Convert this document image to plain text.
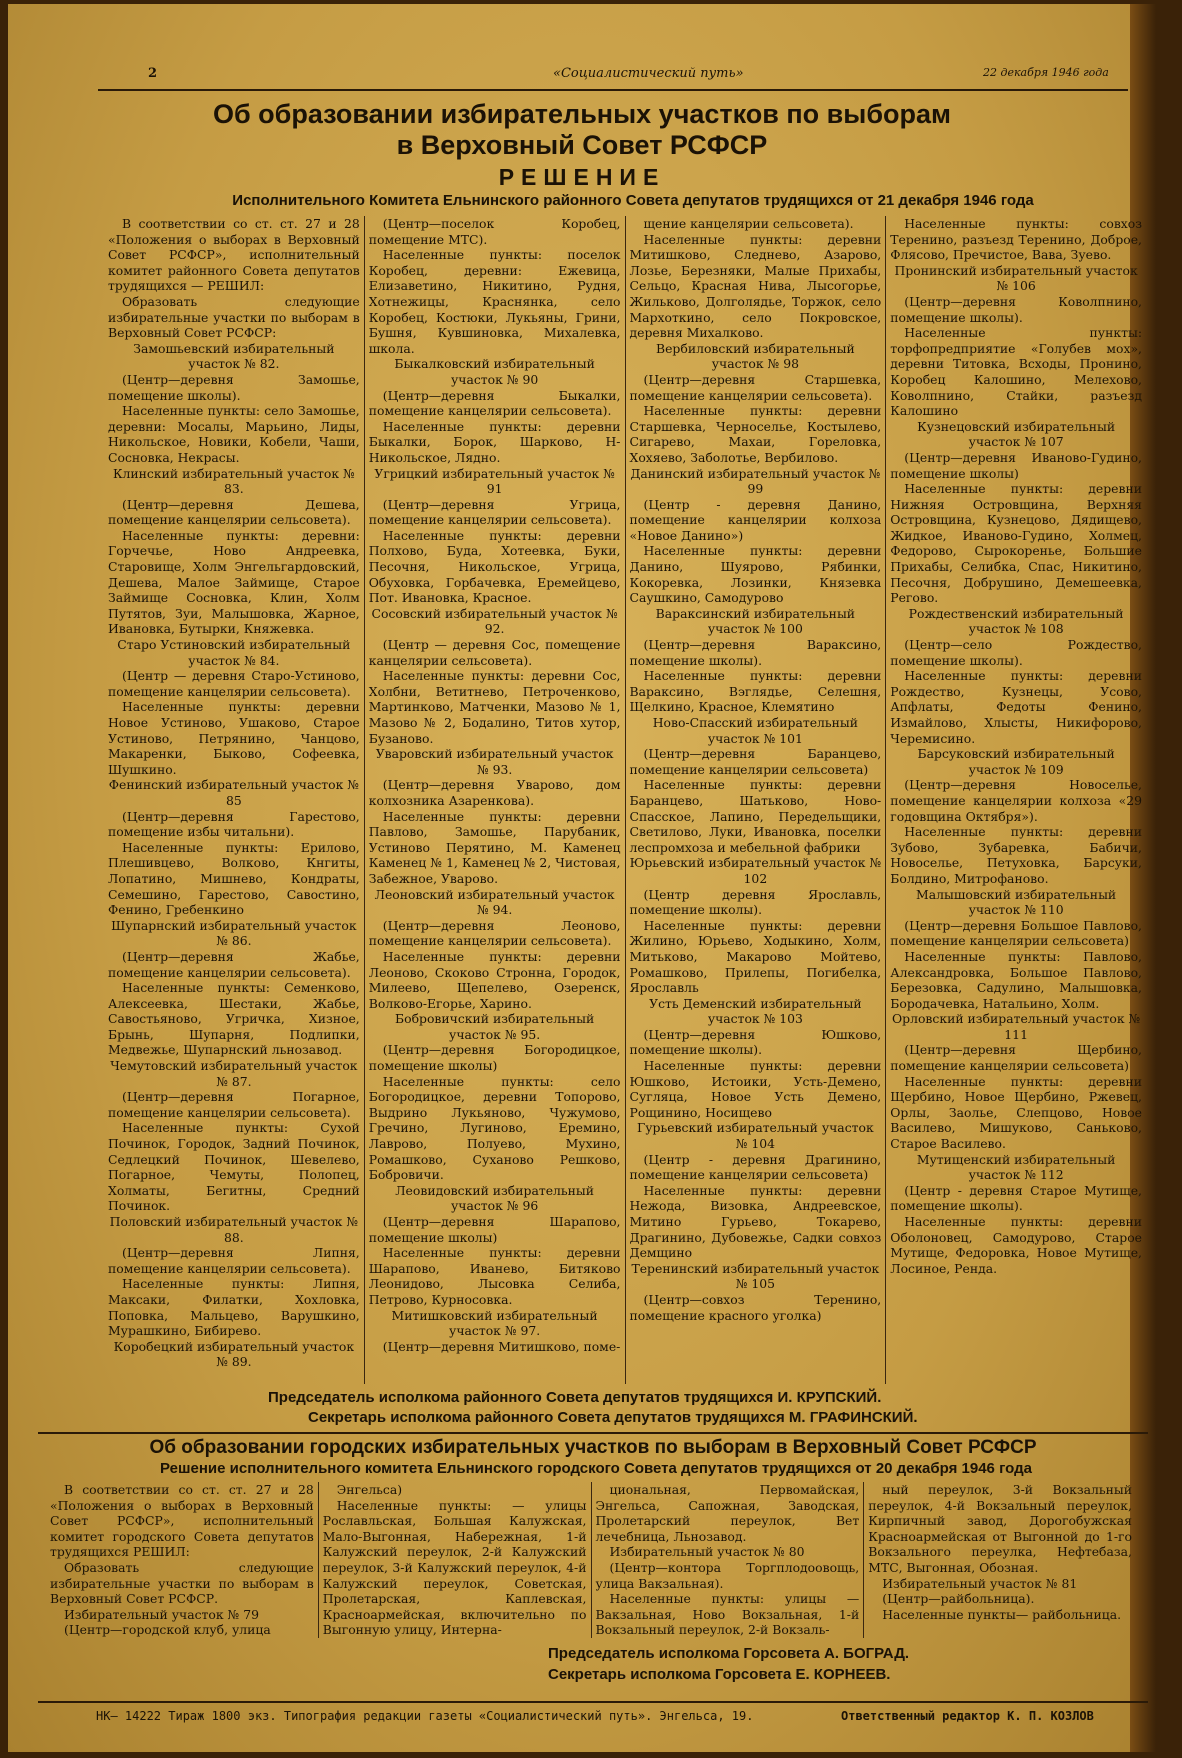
2	«Социалистический путь»	22 декабря 1946 года
Об образовании избирательных участков по выборам
в Верховный Совет РСФСР
РЕШЕНИЕ
Исполнительного Комитета Ельнинского районного Совета депутатов трудящихся от 21 декабря 1946 года

В соответствии со ст. ст. 27 и 28 «Положения о выборах в Верховный Совет РСФСР», исполнительный комитет районного Совета депутатов трудящихся — РЕШИЛ:

Образовать следующие избирательные участки по выборам в Верховный Совет РСФСР:

Замошьевский избирательный участок № 82.

(Центр—деревня Замошье, помещение школы).

Населенные пункты: село Замошье, деревни: Мосалы, Марьино, Лиды, Никольское, Новики, Кобели, Чаши, Сосновка, Некрасы.

Клинский избирательный участок № 83.

(Центр—деревня Дешева, помещение канцелярии сельсовета).

Населенные пункты: деревни: Горчечье, Ново Андреевка, Старовище, Холм Энгельгардовский, Дешева, Малое Займище, Старое Займище Сосновка, Клин, Холм Путятов, Зуи, Малышовка, Жарное, Ивановка, Бутырки, Княжевка.

Старо Устиновский избирательный участок № 84.

(Центр — деревня Старо-Устиново, помещение канцелярии сельсовета).

Населенные пункты: деревни Новое Устиново, Ушаково, Старое Устиново, Петрянино, Чанцово, Макаренки, Быково, Софеевка, Шушкино.

Фенинский избирательный участок № 85

(Центр—деревня Гарестово, помещение избы читальни).

Населенные пункты: Ерилово, Плешивцево, Волково, Кнгиты, Лопатино, Мишнево, Кондраты, Семешино, Гарестово, Савостино, Фенино, Гребенкино

Шупарнский избирательный участок № 86.

(Центр—деревня Жабье, помещение канцелярии сельсовета).

Населенные пункты: Семенково, Алексеевка, Шестаки, Жабье, Савостьяново, Угричка, Хизное, Брынь, Шупарня, Подлипки, Медвежье, Шупарнский льнозавод.

Чемутовский избирательный участок № 87.

(Центр—деревня Погарное, помещение канцелярии сельсовета).

Населенные пункты: Сухой Починок, Городок, Задний Починок, Седлецкий Починок, Шевелево, Погарное, Чемуты, Полопец, Холматы, Бегитны, Средний Починок.

Половский избирательный участок № 88.

(Центр—деревня Липня, помещение канцелярии сельсовета).

Населенные пункты: Липня, Максаки, Филатки, Хохловка, Поповка, Мальцево, Варушкино, Мурашкино, Бибирево.

Коробецкий избирательный участок № 89.

(Центр—поселок Коробец, помещение МТС).

Населенные пункты: поселок Коробец, деревни: Ежевица, Елизаветино, Никитино, Рудня, Хотнежицы, Краснянка, село Коробец, Костюки, Лукьяны, Грини, Бушня, Кувшиновка, Михалевка, школа.

Быкалковский избирательный участок № 90

(Центр—деревня Быкалки, помещение канцелярии сельсовета).

Населенные пункты: деревни Быкалки, Борок, Шарково, Н-Никольское, Лядно.

Угрицкий избирательный участок № 91

(Центр—деревня Угрица, помещение канцелярии сельсовета).

Населенные пункты: деревни Полхово, Буда, Хотеевка, Буки, Песочня, Никольское, Угрица, Обуховка, Горбачевка, Еремейцево, Пот. Ивановка, Красное.

Сосовский избирательный участок № 92.

(Центр — деревня Сос, помещение канцелярии сельсовета).

Населенные пункты: деревни Сос, Холбни, Ветитнево, Петроченково, Мартинково, Матченки, Мазово № 1, Мазово № 2, Бодалино, Титов хутор, Бузаново.

Уваровский избирательный участок № 93.

(Центр—деревня Уварово, дом колхозника Азаренкова).

Населенные пункты: деревни Павлово, Замошье, Парубаник, Устиново Перятино, М. Каменец Каменец № 1, Каменец № 2, Чистовая, Забежное, Уварово.

Леоновский избирательный участок № 94.

(Центр—деревня Леоново, помещение канцелярии сельсовета).

Населенные пункты: деревни Леоново, Скоково Стронна, Городок, Милеево, Щепелево, Озеренск, Волково-Егорье, Харино.

Бобровичский избирательный участок № 95.

(Центр—деревня Богородицкое, помещение школы)

Населенные пункты: село Богородицкое, деревни Топорово, Выдрино Лукьяново, Чужумово, Гречино, Лугиново, Еремино, Лаврово, Полуево, Мухино, Ромашково, Суханово Решково, Бобровичи.

Леовидовский избирательный участок № 96

(Центр—деревня Шарапово, помещение школы)

Населенные пункты: деревни Шарапово, Иванево, Битяково Леонидово, Лысовка Селиба, Петрово, Курносовка.

Митишковский избирательный участок № 97.

(Центр—деревня Митишково, поме-

щение канцелярии сельсовета).

Населенные пункты: деревни Митишково, Следнево, Азарово, Лозье, Березняки, Малые Прихабы, Сельцо, Красная Нива, Лысогорье, Жильково, Долголядье, Торжок, село Мархоткино, село Покровское, деревня Михалково.

Вербиловский избирательный участок № 98

(Центр—деревня Старшевка, помещение канцелярии сельсовета).

Населенные пункты: деревни Старшевка, Черноселье, Костылево, Сигарево, Махаи, Гореловка, Хохяево, Заболотье, Вербилово.

Данинский избирательный участок № 99

(Центр - деревня Данино, помещение канцелярии колхоза «Новое Данино»)

Населенные пункты: деревни Данино, Шуярово, Рябинки, Кокоревка, Лозинки, Князевка Саушкино, Самодурово

Вараксинский избирательный участок № 100

(Центр—деревня Вараксино, помещение школы).

Населенные пункты: деревни Вараксино, Вэглядье, Селешня, Щелкино, Красное, Клемятино

Ново-Спасский избирательный участок № 101

(Центр—деревня Баранцево, помещение канцелярии сельсовета)

Населенные пункты: деревни Баранцево, Шатьково, Ново-Спасское, Лапино, Передельщики, Светилово, Луки, Ивановка, поселки леспромхоза и мебельной фабрики

Юрьевский избирательный участок № 102

(Центр деревня Ярославль, помещение школы).

Населенные пункты: деревни Жилино, Юрьево, Ходыкино, Холм, Митьково, Макарово Мойтево, Ромашково, Прилепы, Погибелка, Ярославль

Усть Деменский избирательный участок № 103

(Центр—деревня Юшково, помещение школы).

Населенные пункты: деревни Юшково, Истоики, Усть-Демено, Сугляца, Новое Усть Демено, Рощинино, Носищево

Гурьевский избирательный участок № 104

(Центр - деревня Драгинино, помещение канцелярии сельсовета)

Населенные пункты: деревни Нежода, Визовка, Андреевское, Митино Гурьево, Токарево, Драгинино, Дубовежье, Садки совхоз Демщино

Теренинский избирательный участок № 105

(Центр—совхоз Теренино, помещение красного уголка)

Населенные пункты: совхоз Теренино, разъезд Теренино, Доброе, Флясово, Пречистое, Вава, Зуево.

Пронинский избирательный участок № 106

(Центр—деревня Коволпнино, помещение школы).

Населенные пункты: торфопредприятие «Голубев мох», деревни Титовка, Всходы, Пронино, Коробец Калошино, Мелехово, Коволпнино, Стайки, разъезд Калошино

Кузнецовский избирательный участок № 107

(Центр—деревня Иваново-Гудино, помещение школы)

Населенные пункты: деревни Нижняя Островщина, Верхняя Островщина, Кузнецово, Дядищево, Жидкое, Иваново-Гудино, Холмец, Федорово, Сырокоренье, Большие Прихабы, Селибка, Спас, Никитино, Песочня, Добрушино, Демешеевка, Регово.

Рождественский избирательный участок № 108

(Центр—село Рождество, помещение школы).

Населенные пункты: деревни Рождество, Кузнецы, Усово, Апфлаты, Федоты Фенино, Измайлово, Хлысты, Никифорово, Черемисино.

Барсуковский избирательный участок № 109

(Центр—деревня Новоселье, помещение канцелярии колхоза «29 годовщина Октября»).

Населенные пункты: деревни Зубово, Зубаревка, Бабичи, Новоселье, Петуховка, Барсуки, Болдино, Митрофаново.

Малышовский избирательный участок № 110

(Центр—деревня Большое Павлово, помещение канцелярии сельсовета)

Населенные пункты: Павлово, Александровка, Большое Павлово, Березовка, Садулино, Малышовка, Бородачевка, Натальино, Холм.

Орловский избирательный участок № 111

(Центр—деревня Щербино, помещение канцелярии сельсовета)

Населенные пункты: деревни Щербино, Новое Щербино, Ржевец, Орлы, Заолье, Слепцово, Новое Василево, Мишуково, Саньково, Старое Василево.

Мутищенский избирательный участок № 112

(Центр - деревня Старое Мутище, помещение школы).

Населенные пункты: деревни Оболоновец, Самодурово, Старое Мутище, Федоровка, Новое Мутище, Лосиное, Ренда.

Председатель исполкома районного Совета депутатов трудящихся И. КРУПСКИЙ.
Секретарь исполкома районного Совета депутатов трудящихся М. ГРАФИНСКИЙ.
Об образовании городских избирательных участков по выборам в Верховный Совет РСФСР
Решение исполнительного комитета Ельнинского городского Совета депутатов трудящихся от 20 декабря 1946 года

В соответствии со ст. ст. 27 и 28 «Положения о выборах в Верховный Совет РСФСР», исполнительный комитет городского Совета депутатов трудящихся РЕШИЛ:

Образовать следующие избирательные участки по выборам в Верховный Совет РСФСР.

Избирательный участок № 79

(Центр—городской клуб, улица

Энгельса)

Населенные пункты: — улицы Рославльская, Большая Калужская, Мало-Выгонная, Набережная, 1-й Калужский переулок, 2-й Калужский переулок, 3-й Калужский переулок, 4-й Калужский переулок, Советская, Пролетарская, Каплевская, Красноармейская, включительно по Выгонную улицу, Интерна-

циональная, Первомайская, Энгельса, Сапожная, Заводская, Пролетарский переулок, Вет лечебница, Льнозавод.

Избирательный участок № 80

(Центр—контора Торгплодоовощь, улица Вакзальная).

Населенные пункты: улицы — Вакзальная, Ново Вокзальная, 1-й Вокзальный переулок, 2-й Вокзаль-

ный переулок, 3-й Вокзальный переулок, 4-й Вокзальный переулок, Кирпичный завод, Дорогобужская Красноармейская от Выгонной до 1-го Вокзального переулка, Нефтебаза, МТС, Выгонная, Обозная.

Избирательный участок № 81

(Центр—райбольница).

Населенные пункты— райбольница.

Председатель исполкома Горсовета А. БОГРАД.
Секретарь исполкома Горсовета Е. КОРНЕЕВ.
НК— 14222 Тираж 1800 экз. Типография редакции газеты «Социалистический путь». Энгельса, 19.	Ответственный редактор К. П. КОЗЛОВ
